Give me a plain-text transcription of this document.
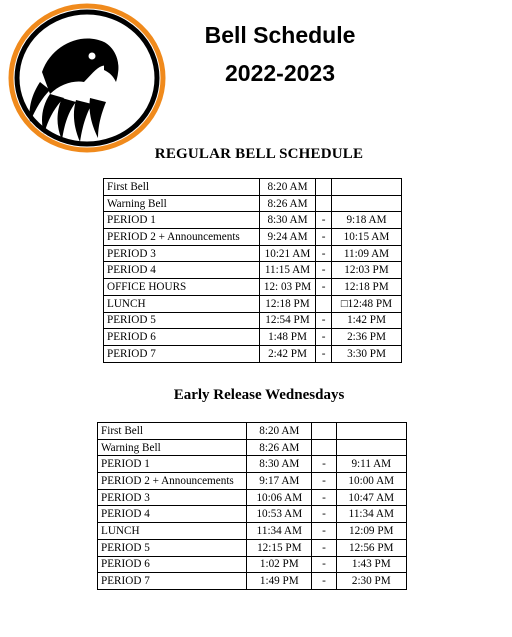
Bell Schedule
2022-2023
REGULAR BELL SCHEDULE
First Bell	8:20 AM		
Warning Bell	8:26 AM		
PERIOD 1	8:30 AM	-	9:18 AM
PERIOD 2 + Announcements	9:24 AM	-	10:15 AM
PERIOD 3	10:21 AM	-	11:09 AM
PERIOD 4	11:15 AM	-	12:03 PM
OFFICE HOURS	12: 03 PM	-	12:18 PM
LUNCH	12:18 PM		□12:48 PM
PERIOD 5	12:54 PM	-	1:42 PM
PERIOD 6	1:48 PM	-	2:36 PM
PERIOD 7	2:42 PM	-	3:30 PM
Early Release Wednesdays
First Bell	8:20 AM		
Warning Bell	8:26 AM		
PERIOD 1	8:30 AM	-	9:11 AM
PERIOD 2 + Announcements	9:17 AM	-	10:00 AM
PERIOD 3	10:06 AM	-	10:47 AM
PERIOD 4	10:53 AM	-	11:34 AM
LUNCH	11:34 AM	-	12:09 PM
PERIOD 5	12:15 PM	-	12:56 PM
PERIOD 6	1:02 PM	-	1:43 PM
PERIOD 7	1:49 PM	-	2:30 PM
